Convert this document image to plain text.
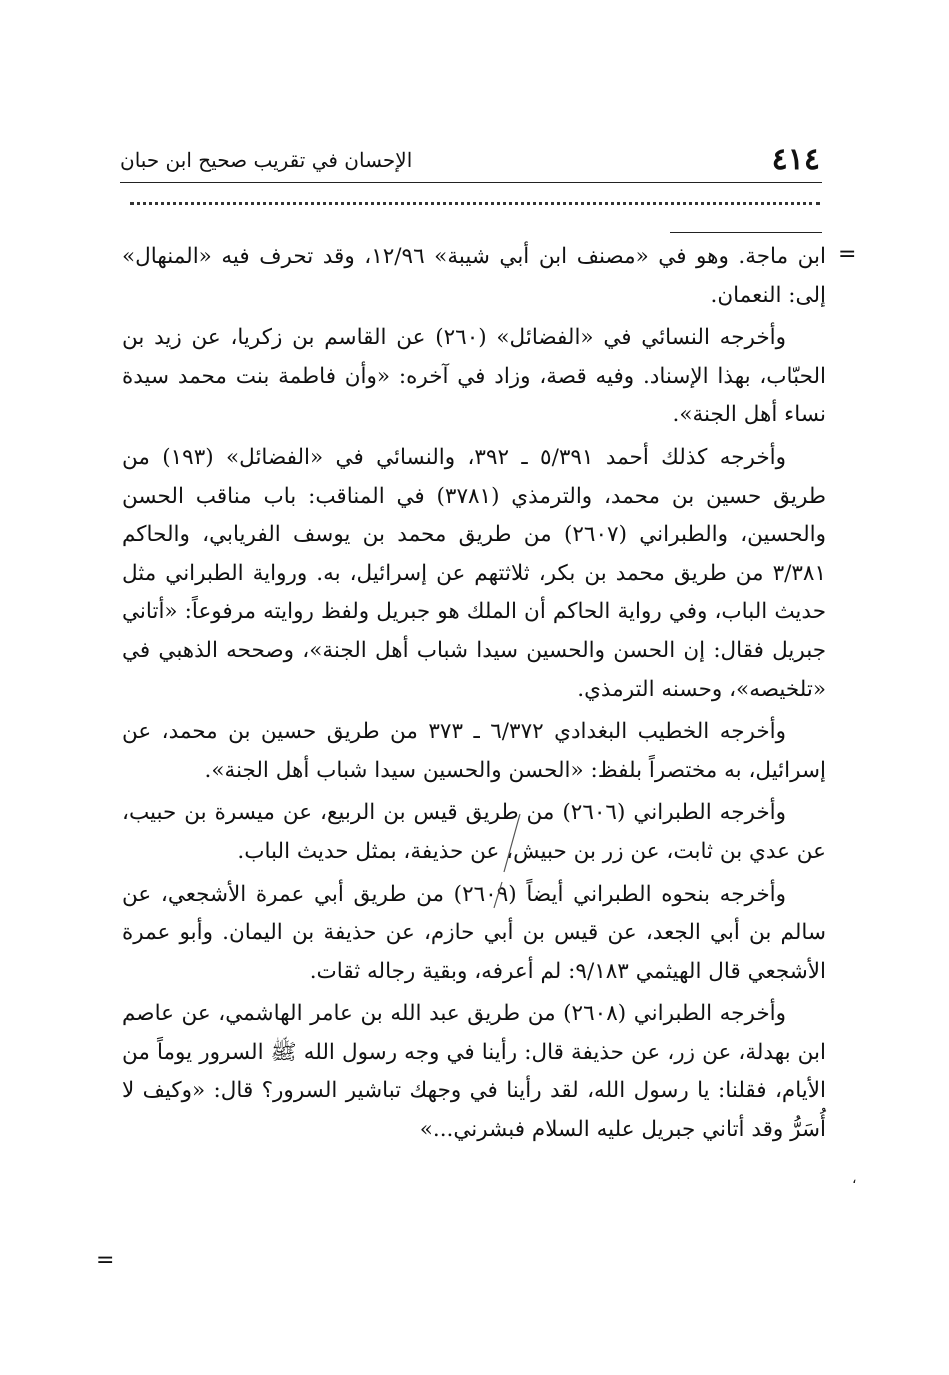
٤١٤
الإحسان في تقريب صحيح ابن حبان
=
،
=

ابن ماجة. وهو في «مصنف ابن أبي شيبة» ١٢/٩٦، وقد تحرف فيه «المنهال» إلى: النعمان.

وأخرجه النسائي في «الفضائل» (٢٦٠) عن القاسم بن زكريا، عن زيد بن الحبّاب، بهذا الإسناد. وفيه قصة، وزاد في آخره: «وأن فاطمة بنت محمد سيدة نساء أهل الجنة».

وأخرجه كذلك أحمد ٥/٣٩١ ـ ٣٩٢، والنسائي في «الفضائل» (١٩٣) من طريق حسين بن محمد، والترمذي (٣٧٨١) في المناقب: باب مناقب الحسن والحسين، والطبراني (٢٦٠٧) من طريق محمد بن يوسف الفريابي، والحاكم ٣/٣٨١ من طريق محمد بن بكر، ثلاثتهم عن إسرائيل، به. ورواية الطبراني مثل حديث الباب، وفي رواية الحاكم أن الملك هو جبريل ولفظ روايته مرفوعاً: «أتاني جبريل فقال: إن الحسن والحسين سيدا شباب أهل الجنة»، وصححه الذهبي في «تلخيصه»، وحسنه الترمذي.

وأخرجه الخطيب البغدادي ٦/٣٧٢ ـ ٣٧٣ من طريق حسين بن محمد، عن إسرائيل، به مختصراً بلفظ: «الحسن والحسين سيدا شباب أهل الجنة».

وأخرجه الطبراني (٢٦٠٦) من طريق قيس بن الربيع، عن ميسرة بن حبيب، عن عدي بن ثابت، عن زر بن حبيش، عن حذيفة، بمثل حديث الباب.

وأخرجه بنحوه الطبراني أيضاً (٢٦٠٩) من طريق أبي عمرة الأشجعي، عن سالم بن أبي الجعد، عن قيس بن أبي حازم، عن حذيفة بن اليمان. وأبو عمرة الأشجعي قال الهيثمي ٩/١٨٣: لم أعرفه، وبقية رجاله ثقات.

وأخرجه الطبراني (٢٦٠٨) من طريق عبد الله بن عامر الهاشمي، عن عاصم ابن بهدلة، عن زر، عن حذيفة قال: رأينا في وجه رسول الله ﷺ السرور يوماً من الأيام، فقلنا: يا رسول الله، لقد رأينا في وجهك تباشير السرور؟ قال: «وكيف لا أُسَرُّ وقد أتاني جبريل عليه السلام فبشرني...»
